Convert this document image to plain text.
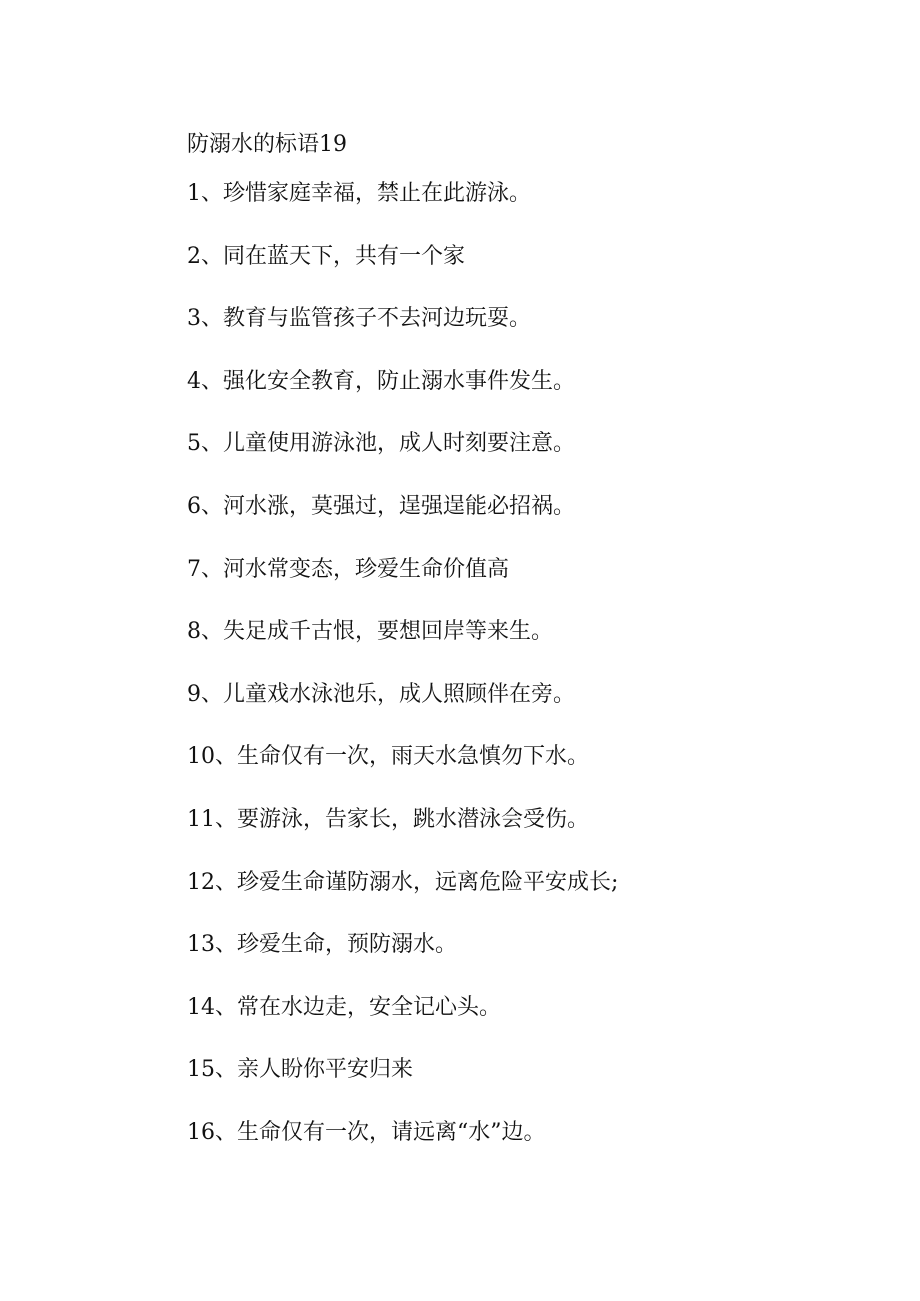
防溺水的标语19
1、珍惜家庭幸福，禁止在此游泳。
2、同在蓝天下，共有一个家
3、教育与监管孩子不去河边玩耍。
4、强化安全教育，防止溺水事件发生。
5、儿童使用游泳池，成人时刻要注意。
6、河水涨，莫强过，逞强逞能必招祸。
7、河水常变态，珍爱生命价值高
8、失足成千古恨，要想回岸等来生。
9、儿童戏水泳池乐，成人照顾伴在旁。
10、生命仅有一次，雨天水急慎勿下水。
11、要游泳，告家长，跳水潜泳会受伤。
12、珍爱生命谨防溺水，远离危险平安成长;
13、珍爱生命，预防溺水。
14、常在水边走，安全记心头。
15、亲人盼你平安归来
16、生命仅有一次，请远离“水”边。
